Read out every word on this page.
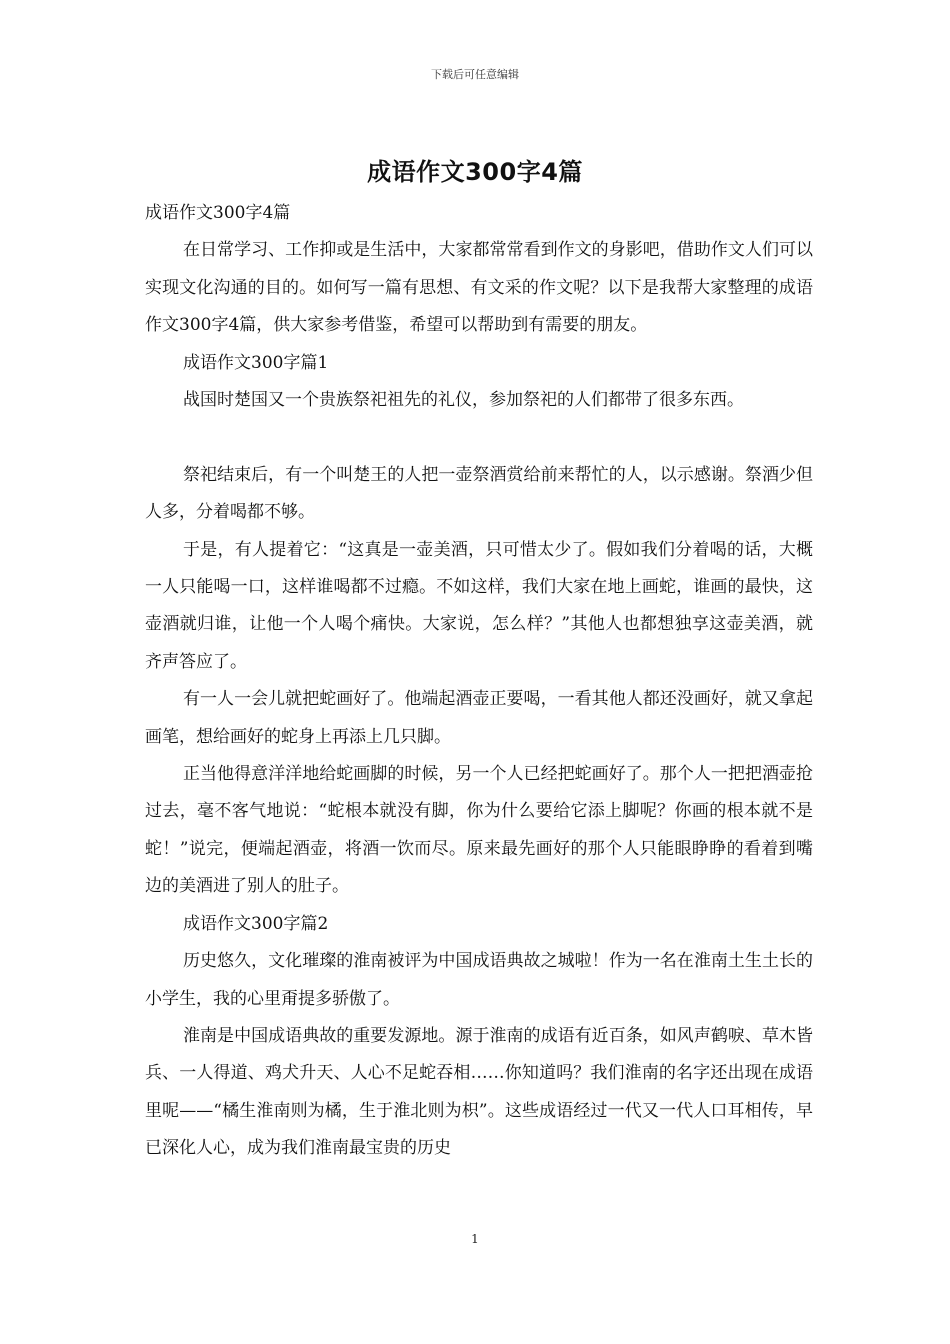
下载后可任意编辑
成语作文300字4篇

成语作文300字4篇

在日常学习、工作抑或是生活中，大家都常常看到作文的身影吧，借助作文人们可以实现文化沟通的目的。如何写一篇有思想、有文采的作文呢？以下是我帮大家整理的成语作文300字4篇，供大家参考借鉴，希望可以帮助到有需要的朋友。

成语作文300字篇1

战国时楚国又一个贵族祭祀祖先的礼仪，参加祭祀的人们都带了很多东西。

祭祀结束后，有一个叫楚王的人把一壶祭酒赏给前来帮忙的人，以示感谢。祭酒少但人多，分着喝都不够。

于是，有人提着它：“这真是一壶美酒，只可惜太少了。假如我们分着喝的话，大概一人只能喝一口，这样谁喝都不过瘾。不如这样，我们大家在地上画蛇，谁画的最快，这壶酒就归谁，让他一个人喝个痛快。大家说，怎么样？”其他人也都想独享这壶美酒，就齐声答应了。

有一人一会儿就把蛇画好了。他端起酒壶正要喝，一看其他人都还没画好，就又拿起画笔，想给画好的蛇身上再添上几只脚。

正当他得意洋洋地给蛇画脚的时候，另一个人已经把蛇画好了。那个人一把把酒壶抢过去，毫不客气地说：“蛇根本就没有脚，你为什么要给它添上脚呢？你画的根本就不是蛇！”说完，便端起酒壶，将酒一饮而尽。原来最先画好的那个人只能眼睁睁的看着到嘴边的美酒进了别人的肚子。

成语作文300字篇2

历史悠久，文化璀璨的淮南被评为中国成语典故之城啦！作为一名在淮南土生土长的小学生，我的心里甭提多骄傲了。

淮南是中国成语典故的重要发源地。源于淮南的成语有近百条，如风声鹤唳、草木皆兵、一人得道、鸡犬升天、人心不足蛇吞相……你知道吗？我们淮南的名字还出现在成语里呢——“橘生淮南则为橘，生于淮北则为枳”。这些成语经过一代又一代人口耳相传，早已深化人心，成为我们淮南最宝贵的历史

1
